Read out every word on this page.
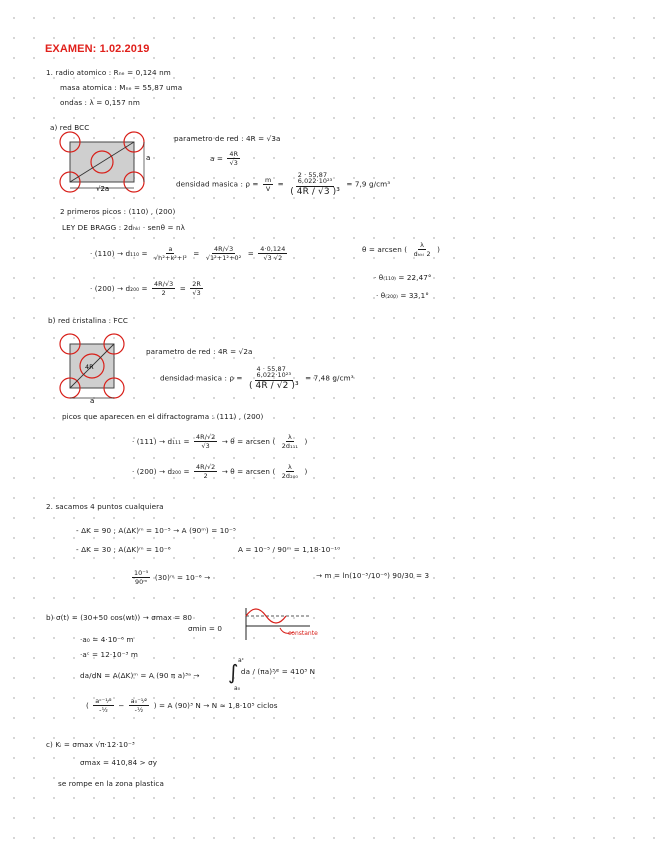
EXAMEN: 1.02.2019
1. radio atomico : Rₙₑ = 0,124 nm
masa atomica : Mₙₑ = 55,87 uma
ondas : λ = 0,157 nm
a) red BCC
a
√2a
parametro de red : 4R = √3a
$a = \frac{4R}{√3}$
densidad masica : $\rho = \frac{m}{V}$ =
2 · 55,87
6,022·10²³
( 4R / √3 )³
= 7,9 g/cm³
2 primeros picos : (110) , (200)
LEY DE BRAGG : 2dₕₖₗ · senθ = nλ
· $(110) \to d_{110} = \frac{a}{\text{√h²+k²+l²}} = \frac{4R/√3}{\text{√1²+1²+0²}} = \frac{4\cdot 0,124}{√3 √2}$	θ = arcsen ( $\frac{\lambda}{\text{dₕₖₗ 2}}$ )
· θ₍₁₁₀₎ = 22,47°
· $(200) \to d_{200} = \frac{4R/√3}{2} = \frac{2R}{√3}$	· θ₍₂₀₀₎ = 33,1°
b) red cristalina : FCC
4R
a
parametro de red : 4R = √2a
densidad masica : ρ =
4 · 55,87
6,022·10²³
( 4R / √2 )³
= 7,48 g/cm³
picos que aparecen en el difractograma : (111) , (200)
· $(111) \to d_{111} = \frac{4R/√2}{√3} \to \theta$ = arcsen ( $\frac{\lambda}{\text{2d₁₁₁}}$ )
· $(200) \to d_{200} = \frac{4R/√2}{2} \to \theta$ = arcsen ( $\frac{\lambda}{\text{2d₂₀₀}}$ )
2. sacamos 4 puntos cualquiera
- ΔK = 90 ; A(ΔK)ᵐ = 10⁻⁵ → A (90ᵐ) = 10⁻⁵
- ΔK = 30 ; A(ΔK)ᵐ = 10⁻⁶	A = 10⁻⁵ / 90ᵐ = 1,18·10⁻¹⁰
$\frac{\text{10⁻⁵}}{\text{90ᵐ}}$ (30)ᵐ = 10⁻⁶ →	→ m = ln(10⁻⁵/10⁻⁶) 90/30 = 3
b) σ(t) = (30+50 cos(wt)) → σmax = 80
σmin = 0
constante
·a₀ = 4·10⁻⁶ m
·aᶜ = 12·10⁻³ m
da/dN = A(ΔK)ᵐ = A (90 π a)³ᵃ → ∫ aᶜ
a₀
da / (πa)³⁄² = 410³ N
( $\frac{\text{aᶜ⁻¹⁄²}}{\text{-½}} - \frac{\text{a₀⁻¹⁄²}}{\text{-½}}$ ) = A (90)³ N → N ≈ 1,8·10⁵ ciclos
c) Kᵢ = σmax √π·12·10⁻³
σmax = 410,84 > σy
se rompe en la zona plastica
